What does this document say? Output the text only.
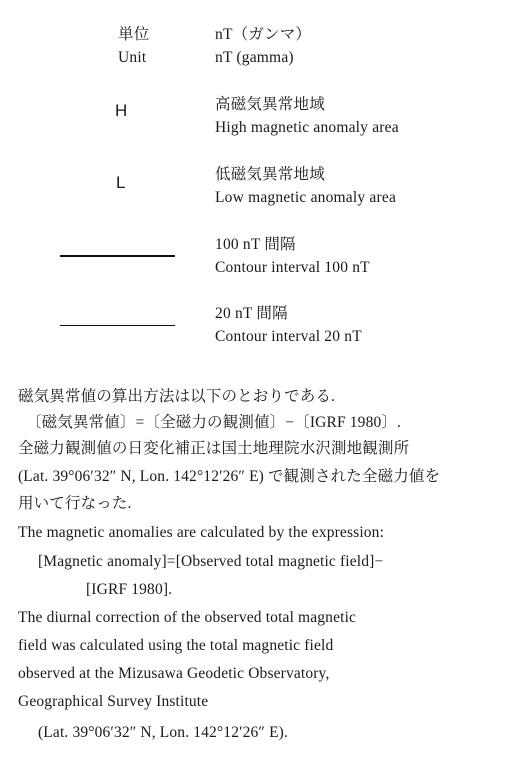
単位
Unit
nT（ガンマ）
nT (gamma)
H	高磁気異常地域
High magnetic anomaly area
L	低磁気異常地域
Low magnetic anomaly area
100 nT 間隔
Contour interval 100 nT
20 nT 間隔
Contour interval 20 nT
磁気異常値の算出方法は以下のとおりである.
〔磁気異常値〕=〔全磁力の観測値〕−〔IGRF 1980〕.
全磁力観測値の日変化補正は国土地理院水沢測地観測所
(Lat. 39°06′32″ N, Lon. 142°12′26″ E) で観測された全磁力値を
用いて行なった.
The magnetic anomalies are calculated by the expression:
[Magnetic anomaly]=[Observed total magnetic field]−
[IGRF 1980].
The diurnal correction of the observed total magnetic
field was calculated using the total magnetic field
observed at the Mizusawa Geodetic Observatory,
Geographical Survey Institute
(Lat. 39°06′32″ N, Lon. 142°12′26″ E).
